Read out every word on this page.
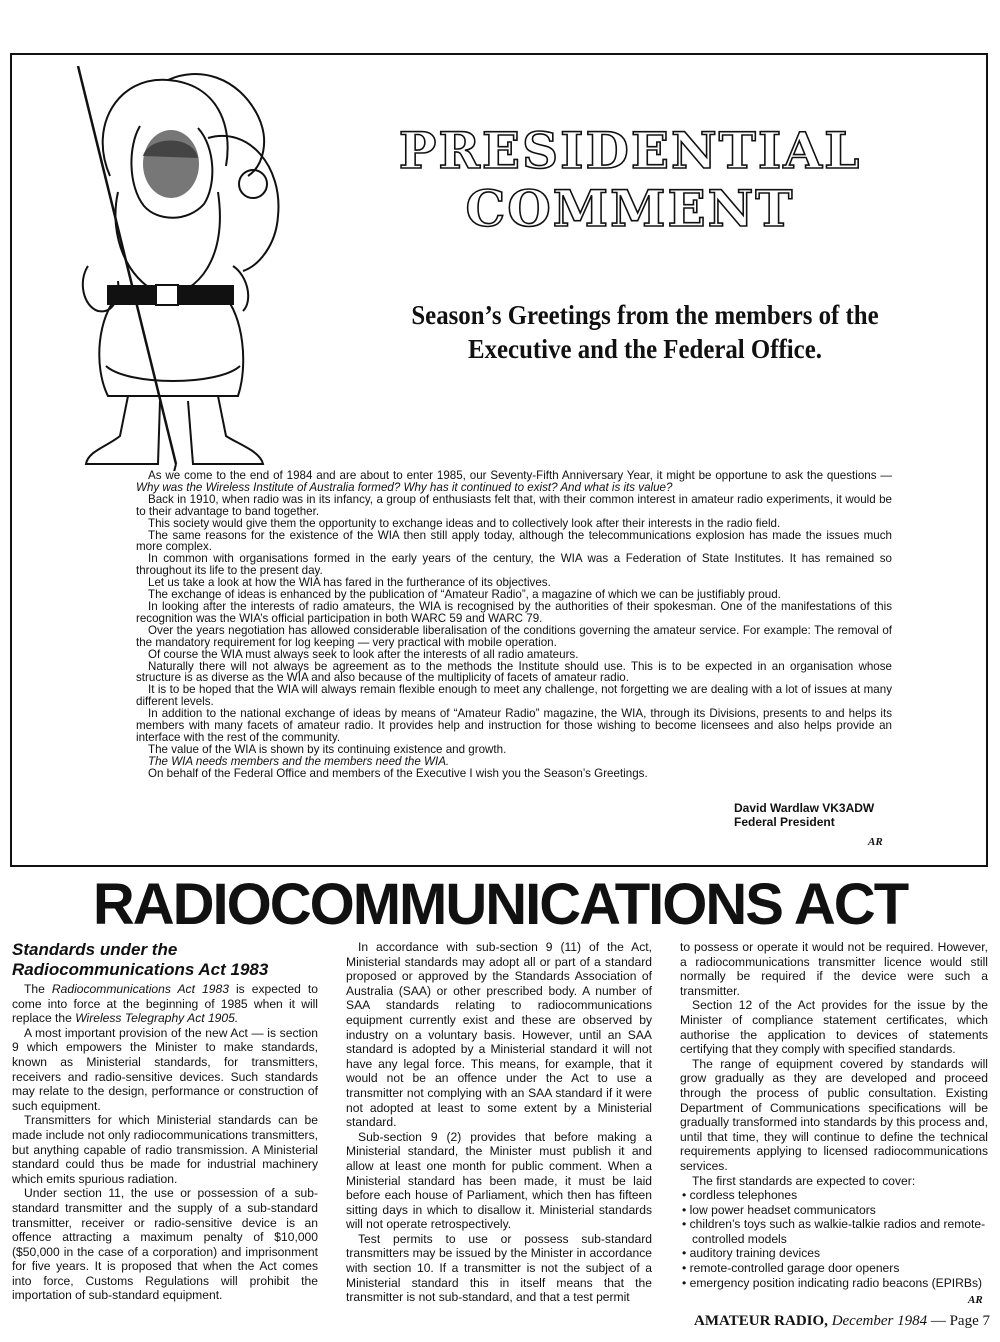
PRESIDENTIAL
COMMENT
Season’s Greetings from the members of the
Executive and the Federal Office.

As we come to the end of 1984 and are about to enter 1985, our Seventy-Fifth Anniversary Year, it might be opportune to ask the questions — Why was the Wireless Institute of Australia formed? Why has it continued to exist? And what is its value?

Back in 1910, when radio was in its infancy, a group of enthusiasts felt that, with their common interest in amateur radio experiments, it would be to their advantage to band together.

This society would give them the opportunity to exchange ideas and to collectively look after their interests in the radio field.

The same reasons for the existence of the WIA then still apply today, although the telecommunications explosion has made the issues much more complex.

In common with organisations formed in the early years of the century, the WIA was a Federation of State Institutes. It has remained so throughout its life to the present day.

Let us take a look at how the WIA has fared in the furtherance of its objectives.

The exchange of ideas is enhanced by the publication of “Amateur Radio”, a magazine of which we can be justifiably proud.

In looking after the interests of radio amateurs, the WIA is recognised by the authorities of their spokesman. One of the manifestations of this recognition was the WIA’s official participation in both WARC 59 and WARC 79.

Over the years negotiation has allowed considerable liberalisation of the conditions governing the amateur service. For example: The removal of the mandatory requirement for log keeping — very practical with mobile operation.

Of course the WIA must always seek to look after the interests of all radio amateurs.

Naturally there will not always be agreement as to the methods the Institute should use. This is to be expected in an organisation whose structure is as diverse as the WIA and also because of the multiplicity of facets of amateur radio.

It is to be hoped that the WIA will always remain flexible enough to meet any challenge, not forgetting we are dealing with a lot of issues at many different levels.

In addition to the national exchange of ideas by means of “Amateur Radio” magazine, the WIA, through its Divisions, presents to and helps its members with many facets of amateur radio. It provides help and instruction for those wishing to become licensees and also helps provide an interface with the rest of the community.

The value of the WIA is shown by its continuing existence and growth.

The WIA needs members and the members need the WIA.

On behalf of the Federal Office and members of the Executive I wish you the Season’s Greetings.

David Wardlaw VK3ADW
Federal President
AR
RADIOCOMMUNICATIONS ACT
Standards under the
Radiocommunications Act 1983

The Radiocommunications Act 1983 is expected to come into force at the beginning of 1985 when it will replace the Wireless Telegraphy Act 1905.

A most important provision of the new Act — is section 9 which empowers the Minister to make standards, known as Ministerial standards, for transmitters, receivers and radio-sensitive devices. Such standards may relate to the design, performance or construction of such equipment.

Transmitters for which Ministerial standards can be made include not only radiocommunications transmitters, but anything capable of radio transmission. A Ministerial standard could thus be made for industrial machinery which emits spurious radiation.

Under section 11, the use or possession of a sub-standard transmitter and the supply of a sub-standard transmitter, receiver or radio-sensitive device is an offence attracting a maximum penalty of $10,000 ($50,000 in the case of a corporation) and imprisonment for five years. It is proposed that when the Act comes into force, Customs Regulations will prohibit the importation of sub-standard equipment.

In accordance with sub-section 9 (11) of the Act, Ministerial standards may adopt all or part of a standard proposed or approved by the Standards Association of Australia (SAA) or other prescribed body. A number of SAA standards relating to radiocommunications equipment currently exist and these are observed by industry on a voluntary basis. However, until an SAA standard is adopted by a Ministerial standard it will not have any legal force. This means, for example, that it would not be an offence under the Act to use a transmitter not complying with an SAA standard if it were not adopted at least to some extent by a Ministerial standard.

Sub-section 9 (2) provides that before making a Ministerial standard, the Minister must publish it and allow at least one month for public comment. When a Ministerial standard has been made, it must be laid before each house of Parliament, which then has fifteen sitting days in which to disallow it. Ministerial standards will not operate retrospectively.

Test permits to use or possess sub-standard transmitters may be issued by the Minister in accordance with section 10. If a transmitter is not the subject of a Ministerial standard this in itself means that the transmitter is not sub-standard, and that a test permit

to possess or operate it would not be required. However, a radiocommunications transmitter licence would still normally be required if the device were such a transmitter.

Section 12 of the Act provides for the issue by the Minister of compliance statement certificates, which authorise the application to devices of statements certifying that they comply with specified standards.

The range of equipment covered by standards will grow gradually as they are developed and proceed through the process of public consultation. Existing Department of Communications specifications will be gradually transformed into standards by this process and, until that time, they will continue to define the technical requirements applying to licensed radiocommunications services.

The first standards are expected to cover:

• cordless telephones
• low power headset communicators
• children’s toys such as walkie-talkie radios and remote-controlled models
• auditory training devices
• remote-controlled garage door openers
• emergency position indicating radio beacons (EPIRBs)
AR
AMATEUR RADIO, December 1984 — Page 7
